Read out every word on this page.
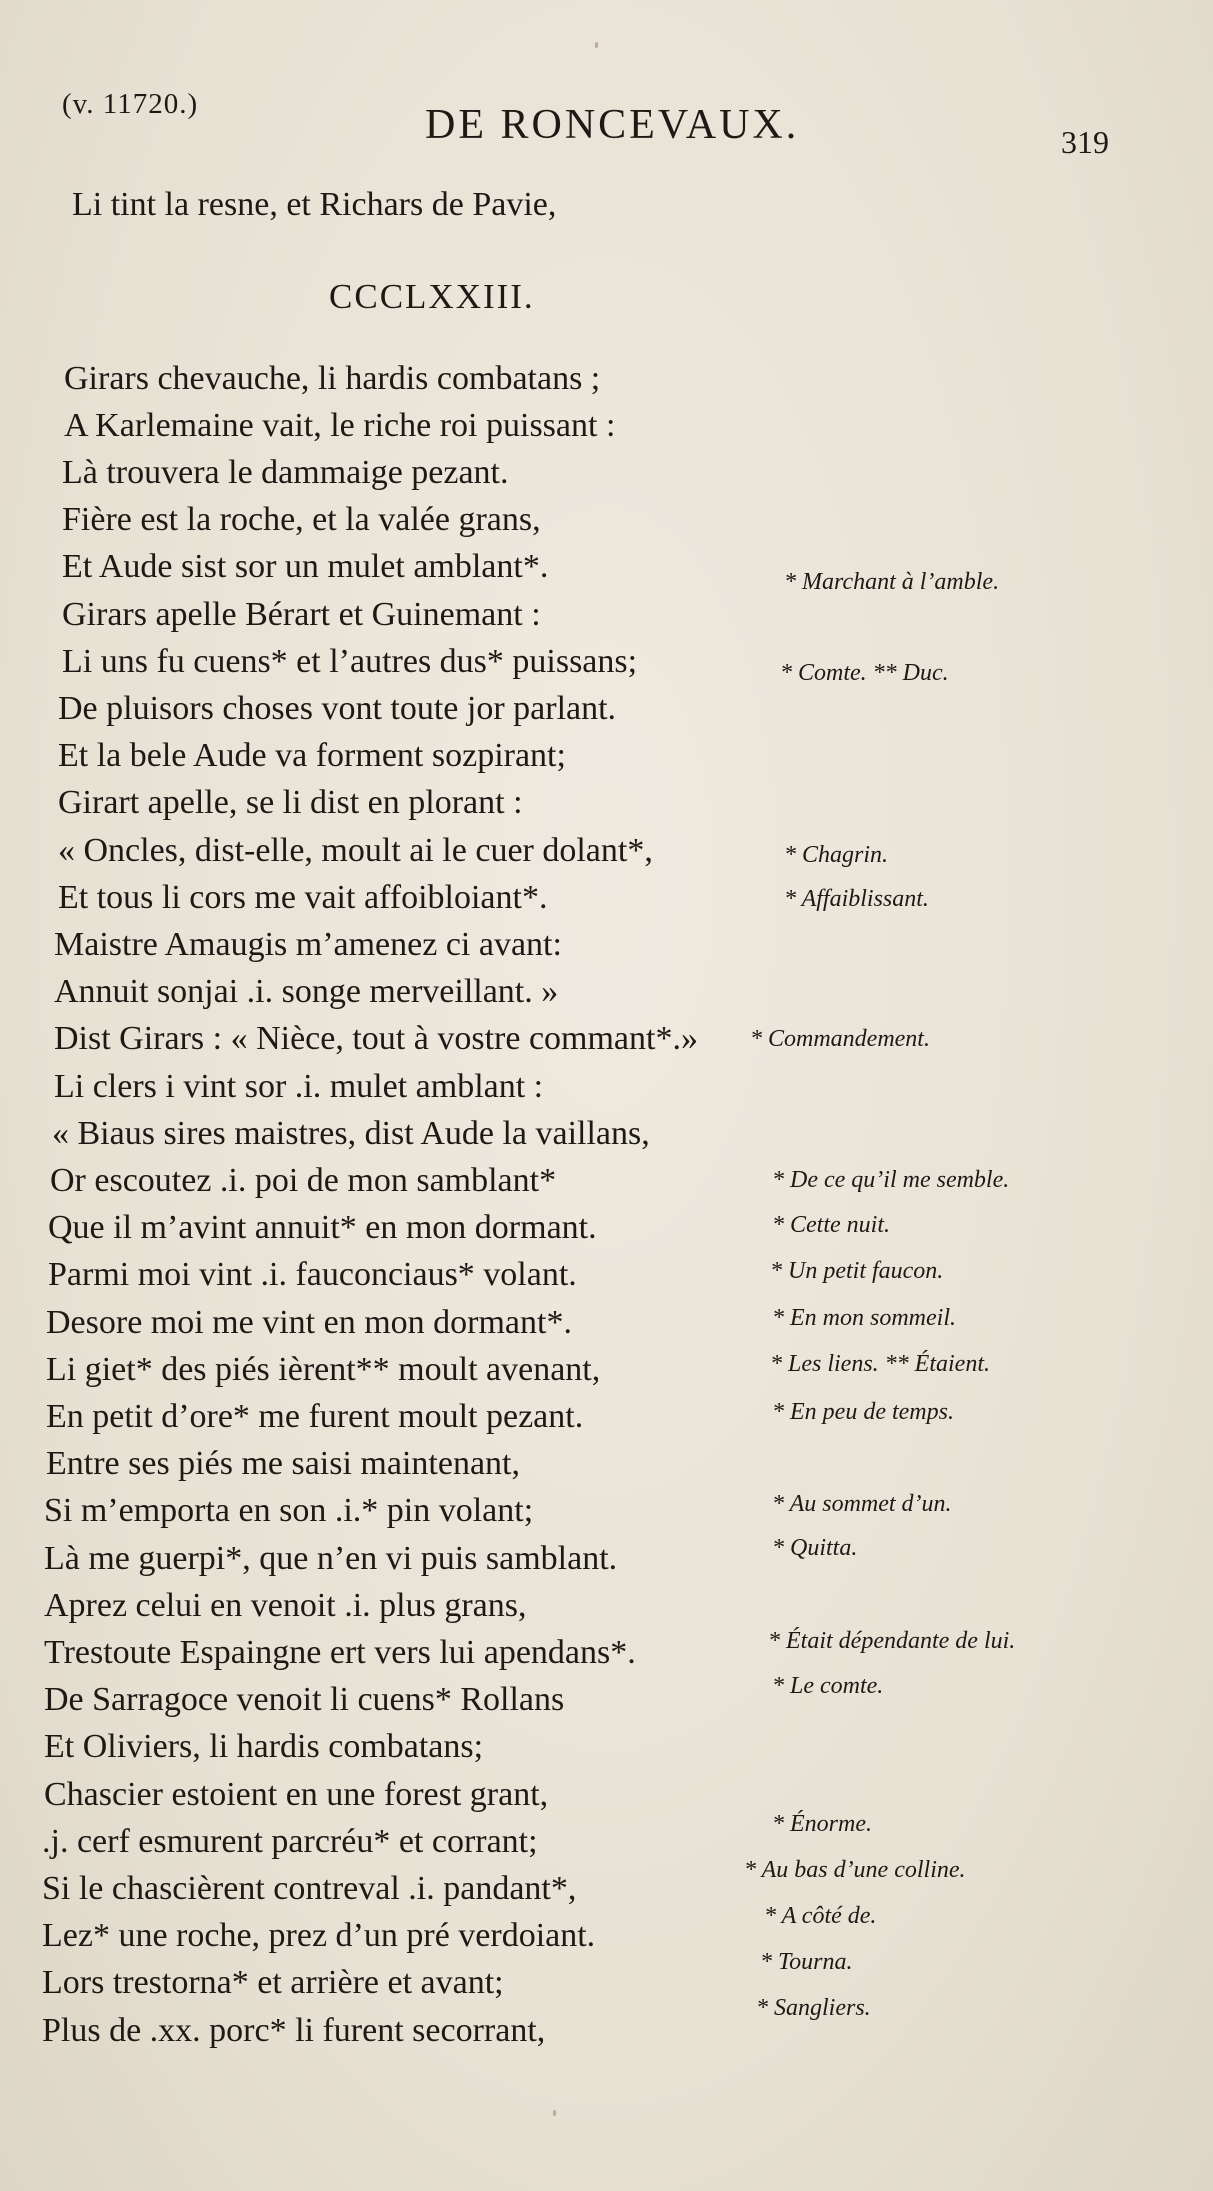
(v. 11720.)	DE RONCEVAUX.	319
Li tint la resne, et Richars de Pavie,
CCCLXXIII.
Girars chevauche, li hardis combatans ;
A Karlemaine vait, le riche roi puissant :
Là trouvera le dammaige pezant.
Fière est la roche, et la valée grans,
Et Aude sist sor un mulet amblant*.
Girars apelle Bérart et Guinemant :
Li uns fu cuens* et l’autres dus* puissans;
De pluisors choses vont toute jor parlant.
Et la bele Aude va forment sozpirant;
Girart apelle, se li dist en plorant :
« Oncles, dist-elle, moult ai le cuer dolant*,
Et tous li cors me vait affoibloiant*.
Maistre Amaugis m’amenez ci avant:
Annuit sonjai .i. songe merveillant. »
Dist Girars : « Nièce, tout à vostre commant*.»
Li clers i vint sor .i. mulet amblant :
« Biaus sires maistres, dist Aude la vaillans,
Or escoutez .i. poi de mon samblant*
Que il m’avint annuit* en mon dormant.
Parmi moi vint .i. fauconciaus* volant.
Desore moi me vint en mon dormant*.
Li giet* des piés ièrent** moult avenant,
En petit d’ore* me furent moult pezant.
Entre ses piés me saisi maintenant,
Si m’emporta en son .i.* pin volant;
Là me guerpi*, que n’en vi puis samblant.
Aprez celui en venoit .i. plus grans,
Trestoute Espaingne ert vers lui apendans*.
De Sarragoce venoit li cuens* Rollans
Et Oliviers, li hardis combatans;
Chascier estoient en une forest grant,
.j. cerf esmurent parcréu* et corrant;
Si le chascièrent contreval .i. pandant*,
Lez* une roche, prez d’un pré verdoiant.
Lors trestorna* et arrière et avant;
Plus de .xx. porc* li furent secorrant,
* Marchant à l’amble.
* Comte. ** Duc.
* Chagrin.
* Affaiblissant.
* Commandement.
* De ce qu’il me semble.
* Cette nuit.
* Un petit faucon.
* En mon sommeil.
* Les liens. ** Étaient.
* En peu de temps.
* Au sommet d’un.
* Quitta.
* Était dépendante de lui.
* Le comte.
* Énorme.
* Au bas d’une colline.
* A côté de.
* Tourna.
* Sangliers.
